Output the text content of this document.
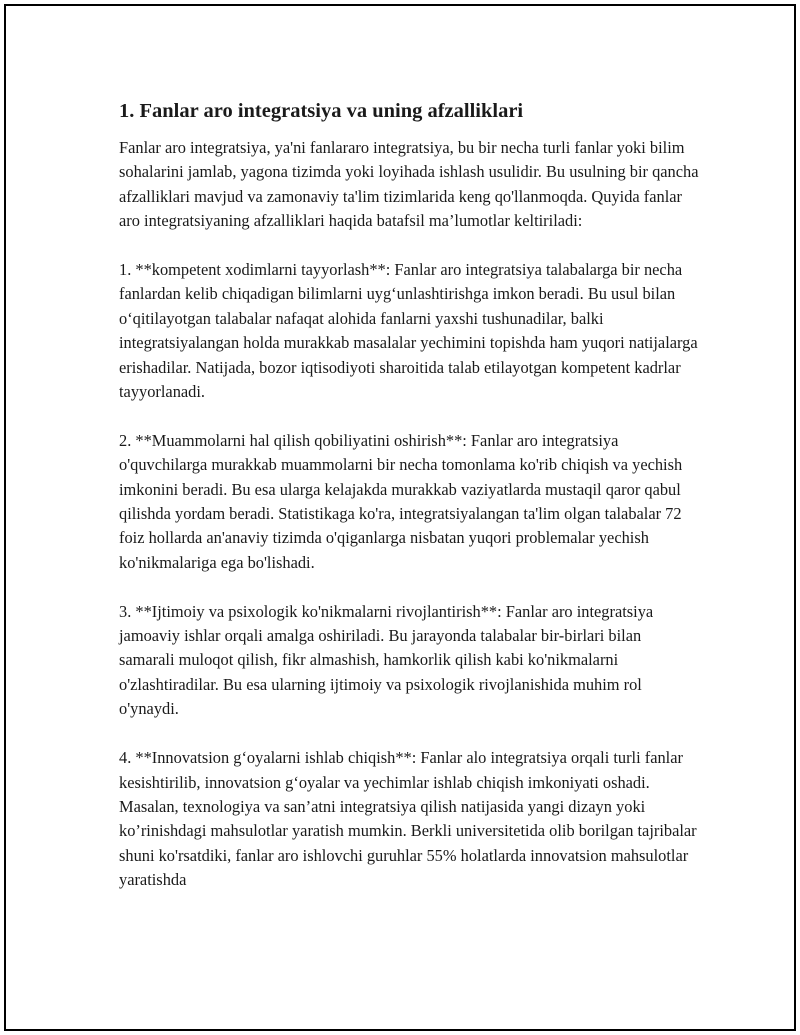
1. Fanlar aro integratsiya va uning afzalliklari

Fanlar aro integratsiya, ya'ni fanlararo integratsiya, bu bir necha turli fanlar yoki bilim sohalarini jamlab, yagona tizimda yoki loyihada ishlash usulidir. Bu usulning bir qancha afzalliklari mavjud va zamonaviy ta'lim tizimlarida keng qo'llanmoqda. Quyida fanlar aro integratsiyaning afzalliklari haqida batafsil ma’lumotlar keltiriladi:

1. **kompetent xodimlarni tayyorlash**: Fanlar aro integratsiya talabalarga bir necha fanlardan kelib chiqadigan bilimlarni uyg‘unlashtirishga imkon beradi. Bu usul bilan o‘qitilayotgan talabalar nafaqat alohida fanlarni yaxshi tushunadilar, balki integratsiyalangan holda murakkab masalalar yechimini topishda ham yuqori natijalarga erishadilar. Natijada, bozor iqtisodiyoti sharoitida talab etilayotgan kompetent kadrlar tayyorlanadi.

2. **Muammolarni hal qilish qobiliyatini oshirish**: Fanlar aro integratsiya o'quvchilarga murakkab muammolarni bir necha tomonlama ko'rib chiqish va yechish imkonini beradi. Bu esa ularga kelajakda murakkab vaziyatlarda mustaqil qaror qabul qilishda yordam beradi. Statistikaga ko'ra, integratsiyalangan ta'lim olgan talabalar 72 foiz hollarda an'anaviy tizimda o'qiganlarga nisbatan yuqori problemalar yechish ko'nikmalariga ega bo'lishadi.

3. **Ijtimoiy va psixologik ko'nikmalarni rivojlantirish**: Fanlar aro integratsiya jamoaviy ishlar orqali amalga oshiriladi. Bu jarayonda talabalar bir-birlari bilan samarali muloqot qilish, fikr almashish, hamkorlik qilish kabi ko'nikmalarni o'zlashtiradilar. Bu esa ularning ijtimoiy va psixologik rivojlanishida muhim rol o'ynaydi.

4. **Innovatsion g‘oyalarni ishlab chiqish**: Fanlar alo integratsiya orqali turli fanlar kesishtirilib, innovatsion g‘oyalar va yechimlar ishlab chiqish imkoniyati oshadi. Masalan, texnologiya va san’atni integratsiya qilish natijasida yangi dizayn yoki ko’rinishdagi mahsulotlar yaratish mumkin. Berkli universitetida olib borilgan tajribalar shuni ko'rsatdiki, fanlar aro ishlovchi guruhlar 55% holatlarda innovatsion mahsulotlar yaratishda
